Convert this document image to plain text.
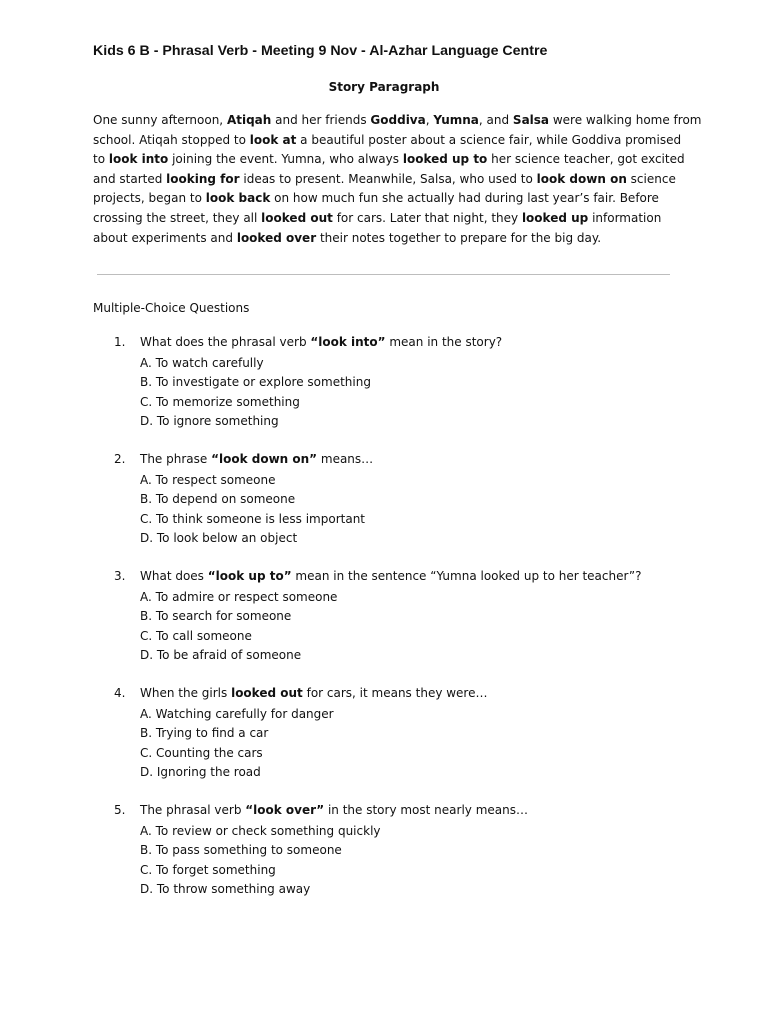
Kids 6 B - Phrasal Verb - Meeting 9 Nov - Al-Azhar Language Centre
Story Paragraph
One sunny afternoon, Atiqah and her friends Goddiva, Yumna, and Salsa were walking home from
school. Atiqah stopped to look at a beautiful poster about a science fair, while Goddiva promised
to look into joining the event. Yumna, who always looked up to her science teacher, got excited
and started looking for ideas to present. Meanwhile, Salsa, who used to look down on science
projects, began to look back on how much fun she actually had during last year’s fair. Before
crossing the street, they all looked out for cars. Later that night, they looked up information
about experiments and looked over their notes together to prepare for the big day.
Multiple-Choice Questions
1.	What does the phrasal verb “look into” mean in the story?
A. To watch carefully
B. To investigate or explore something
C. To memorize something
D. To ignore something
2.	The phrase “look down on” means…
A. To respect someone
B. To depend on someone
C. To think someone is less important
D. To look below an object
3.	What does “look up to” mean in the sentence “Yumna looked up to her teacher”?
A. To admire or respect someone
B. To search for someone
C. To call someone
D. To be afraid of someone
4.	When the girls looked out for cars, it means they were…
A. Watching carefully for danger
B. Trying to find a car
C. Counting the cars
D. Ignoring the road
5.	The phrasal verb “look over” in the story most nearly means…
A. To review or check something quickly
B. To pass something to someone
C. To forget something
D. To throw something away
